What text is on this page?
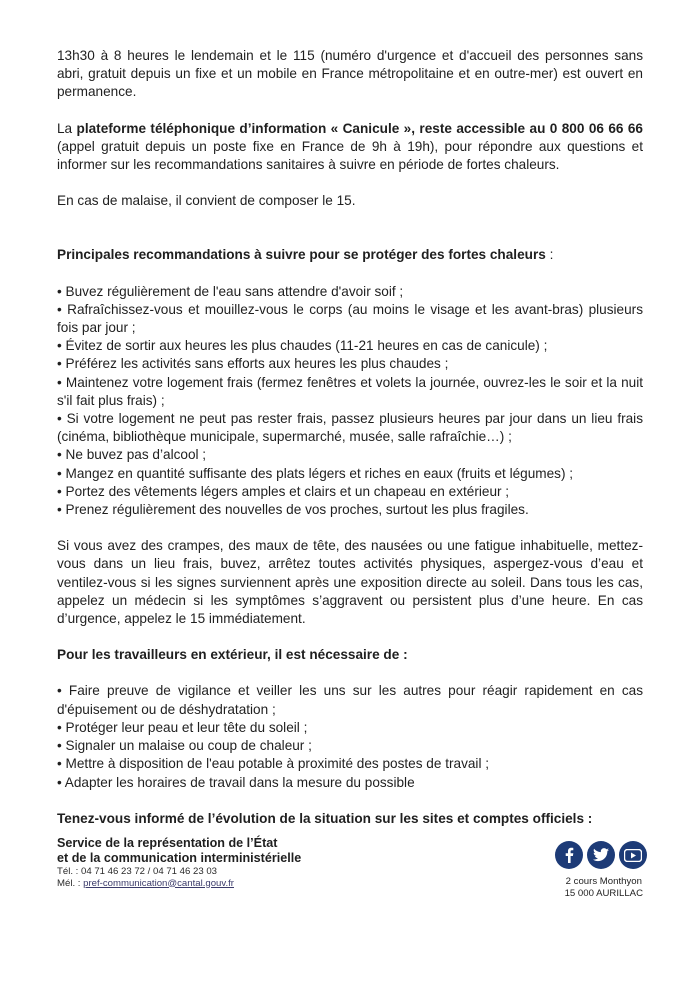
13h30 à 8 heures le lendemain et le 115 (numéro d'urgence et d'accueil des personnes sans abri, gratuit depuis un fixe et un mobile en France métropolitaine et en outre-mer) est ouvert en permanence.

La plateforme téléphonique d’information « Canicule », reste accessible au 0 800 06 66 66 (appel gratuit depuis un poste fixe en France de 9h à 19h), pour répondre aux questions et informer sur les recommandations sanitaires à suivre en période de fortes chaleurs.

En cas de malaise, il convient de composer le 15.

Principales recommandations à suivre pour se protéger des fortes chaleurs :

• Buvez régulièrement de l'eau sans attendre d'avoir soif ;

• Rafraîchissez-vous et mouillez-vous le corps (au moins le visage et les avant-bras) plusieurs fois par jour ;

• Évitez de sortir aux heures les plus chaudes (11-21 heures en cas de canicule) ;

• Préférez les activités sans efforts aux heures les plus chaudes ;

• Maintenez votre logement frais (fermez fenêtres et volets la journée, ouvrez-les le soir et la nuit s'il fait plus frais) ;

• Si votre logement ne peut pas rester frais, passez plusieurs heures par jour dans un lieu frais (cinéma, bibliothèque municipale, supermarché, musée, salle rafraîchie…) ;

• Ne buvez pas d’alcool ;

• Mangez en quantité suffisante des plats légers et riches en eaux (fruits et légumes) ;

• Portez des vêtements légers amples et clairs et un chapeau en extérieur ;

• Prenez régulièrement des nouvelles de vos proches, surtout les plus fragiles.

Si vous avez des crampes, des maux de tête, des nausées ou une fatigue inhabituelle, mettez-vous dans un lieu frais, buvez, arrêtez toutes activités physiques, aspergez-vous d’eau et ventilez-vous si les signes surviennent après une exposition directe au soleil. Dans tous les cas, appelez un médecin si les symptômes s’aggravent ou persistent plus d’une heure. En cas d’urgence, appelez le 15 immédiatement.

Pour les travailleurs en extérieur, il est nécessaire de :

• Faire preuve de vigilance et veiller les uns sur les autres pour réagir rapidement en cas d'épuisement ou de déshydratation ;

• Protéger leur peau et leur tête du soleil ;

• Signaler un malaise ou coup de chaleur ;

• Mettre à disposition de l'eau potable à proximité des postes de travail ;

• Adapter les horaires de travail dans la mesure du possible

Tenez-vous informé de l’évolution de la situation sur les sites et comptes officiels :

Service de la représentation de l’État
et de la communication interministérielle
Tél. : 04 71 46 23 72 / 04 71 46 23 03
Mél. : pref-communication@cantal.gouv.fr	2 cours Monthyon
15 000 AURILLAC
